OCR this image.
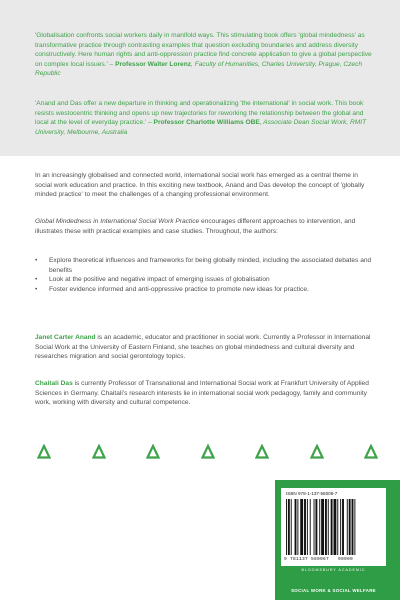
'Globalisation confronts social workers daily in manifold ways. This stimulating book offers 'global mindedness' as transformative practice through contrasting examples that question excluding boundaries and address diversity constructively. Here human rights and anti-oppression practice find concrete application to give a global perspective on complex local issues.' – Professor Walter Lorenz, Faculty of Humanities, Charles University, Prague, Czech Republic

'Anand and Das offer a new departure in thinking and operationalizing 'the international' in social work. This book resists westocentric thinking and opens up new trajectories for reworking the relationship between the global and local at the level of everyday practice.' – Professor Charlotte Williams OBE, Associate Dean Social Work, RMIT University, Melbourne, Australia

In an increasingly globalised and connected world, international social work has emerged as a central theme in social work education and practice. In this exciting new textbook, Anand and Das develop the concept of 'globally minded practice' to meet the challenges of a changing professional environment.

Global Mindedness in International Social Work Practice encourages different approaches to intervention, and illustrates these with practical examples and case studies. Throughout, the authors:

• Explore theoretical influences and frameworks for being globally minded, including the associated debates and benefits
• Look at the positive and negative impact of emerging issues of globalisation
• Foster evidence informed and anti-oppressive practice to promote new ideas for practice.

Janet Carter Anand is an academic, educator and practitioner in social work. Currently a Professor in International Social Work at the University of Eastern Finland, she teaches on global mindedness and cultural diversity and researches migration and social gerontology topics.

Chaitali Das is currently Professor of Transnational and International Social work at Frankfurt University of Applied Sciences in Germany. Chaitali's research interests lie in international social work pedagogy, family and community work, working with diversity and cultural competence.

ISBN 978-1-137-56006-7
9 781137 560067 90000
BLOOMSBURY ACADEMIC
SOCIAL WORK & SOCIAL WELFARE
